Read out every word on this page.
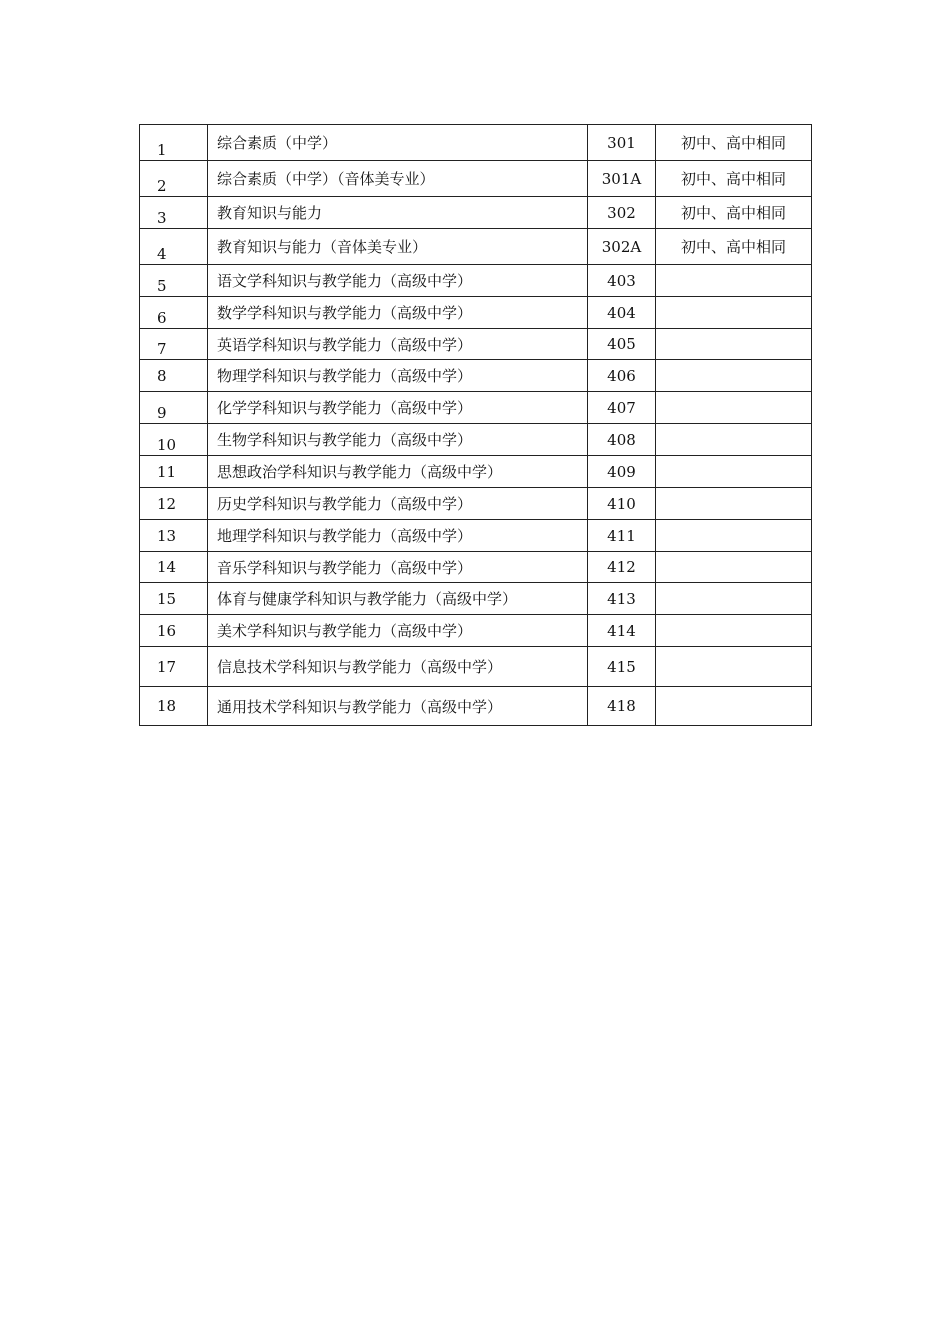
1	综合素质（中学）	301	初中、高中相同
2	综合素质（中学）（音体美专业）	301A	初中、高中相同
3	教育知识与能力	302	初中、高中相同
4	教育知识与能力（音体美专业）	302A	初中、高中相同
5	语文学科知识与教学能力（高级中学）	403	
6	数学学科知识与教学能力（高级中学）	404	
7	英语学科知识与教学能力（高级中学）	405	
8	物理学科知识与教学能力（高级中学）	406	
9	化学学科知识与教学能力（高级中学）	407	
10	生物学科知识与教学能力（高级中学）	408	
11	思想政治学科知识与教学能力（高级中学）	409	
12	历史学科知识与教学能力（高级中学）	410	
13	地理学科知识与教学能力（高级中学）	411	
14	音乐学科知识与教学能力（高级中学）	412	
15	体育与健康学科知识与教学能力（高级中学）	413	
16	美术学科知识与教学能力（高级中学）	414	
17	信息技术学科知识与教学能力（高级中学）	415	
18	通用技术学科知识与教学能力（高级中学）	418	
